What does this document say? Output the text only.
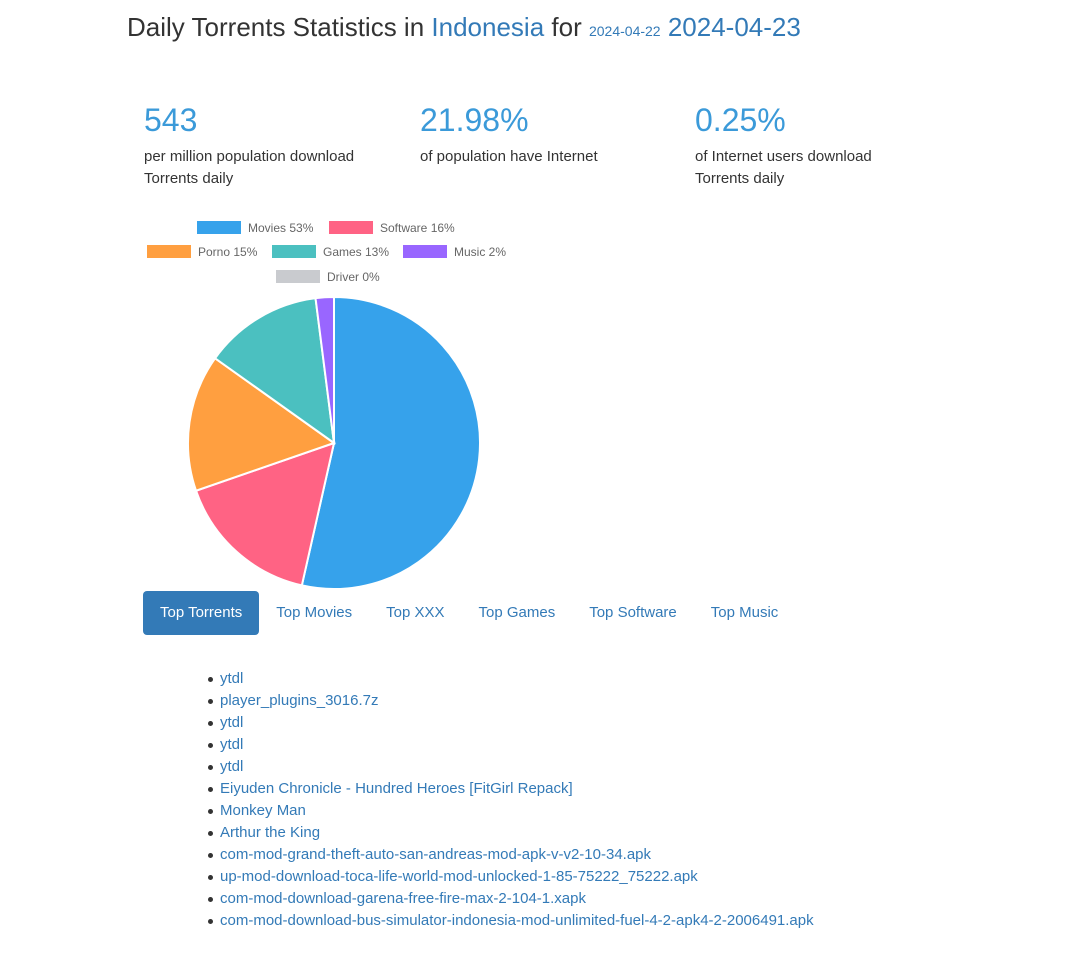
Daily Torrents Statistics in Indonesia for 2024-04-22 2024-04-23
543
per million population download
Torrents daily
21.98%
of population have Internet
0.25%
of Internet users download
Torrents daily
Movies 53%	Software 16%
Porno 15%	Games 13%	Music 2%
Driver 0%
Top Torrents	Top Movies	Top XXX	Top Games	Top Software	Top Music
ytdl
player_plugins_3016.7z
ytdl
ytdl
ytdl
Eiyuden Chronicle - Hundred Heroes [FitGirl Repack]
Monkey Man
Arthur the King
com-mod-grand-theft-auto-san-andreas-mod-apk-v-v2-10-34.apk
up-mod-download-toca-life-world-mod-unlocked-1-85-75222_75222.apk
com-mod-download-garena-free-fire-max-2-104-1.xapk
com-mod-download-bus-simulator-indonesia-mod-unlimited-fuel-4-2-apk4-2-2006491.apk
